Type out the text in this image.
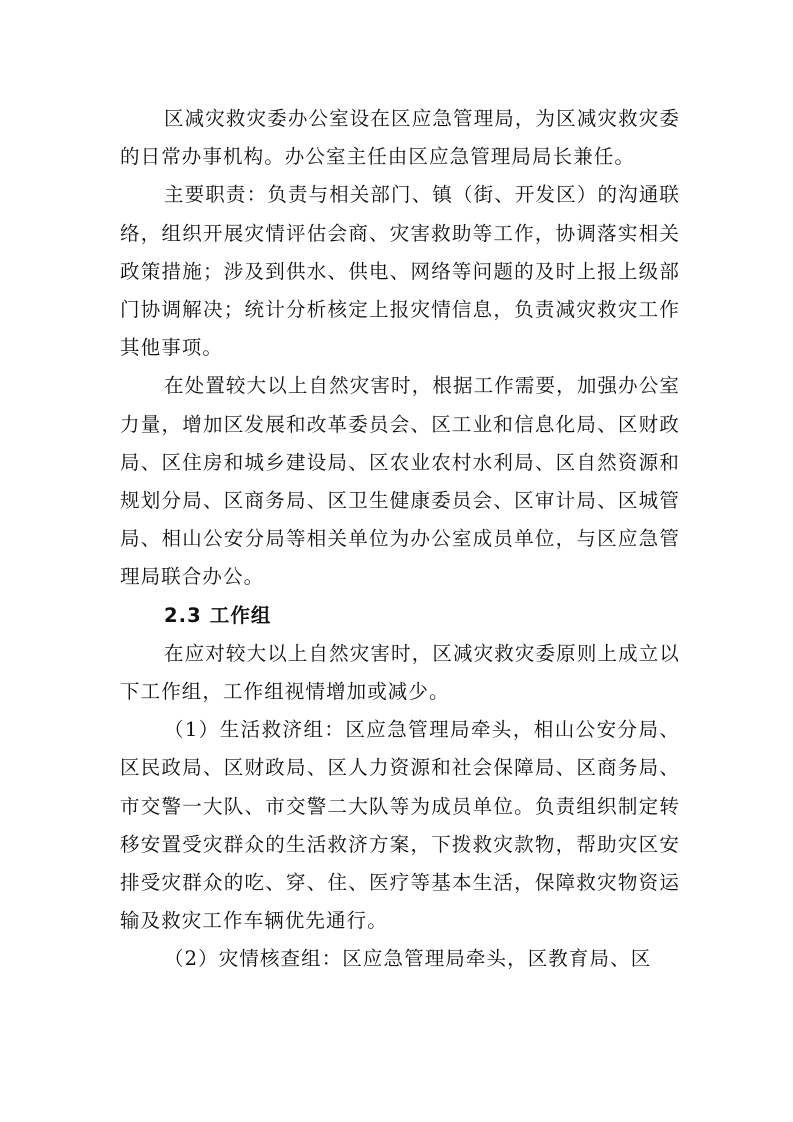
区减灾救灾委办公室设在区应急管理局，为区减灾救灾委的日常办事机构。办公室主任由区应急管理局局长兼任。

主要职责：负责与相关部门、镇（街、开发区）的沟通联络，组织开展灾情评估会商、灾害救助等工作，协调落实相关政策措施；涉及到供水、供电、网络等问题的及时上报上级部门协调解决；统计分析核定上报灾情信息，负责减灾救灾工作其他事项。

在处置较大以上自然灾害时，根据工作需要，加强办公室力量，增加区发展和改革委员会、区工业和信息化局、区财政局、区住房和城乡建设局、区农业农村水利局、区自然资源和规划分局、区商务局、区卫生健康委员会、区审计局、区城管局、相山公安分局等相关单位为办公室成员单位，与区应急管理局联合办公。

2.3 工作组

在应对较大以上自然灾害时，区减灾救灾委原则上成立以下工作组，工作组视情增加或减少。

（1）生活救济组：区应急管理局牵头，相山公安分局、区民政局、区财政局、区人力资源和社会保障局、区商务局、市交警一大队、市交警二大队等为成员单位。负责组织制定转移安置受灾群众的生活救济方案，下拨救灾款物，帮助灾区安排受灾群众的吃、穿、住、医疗等基本生活，保障救灾物资运输及救灾工作车辆优先通行。

（2）灾情核查组：区应急管理局牵头，区教育局、区
